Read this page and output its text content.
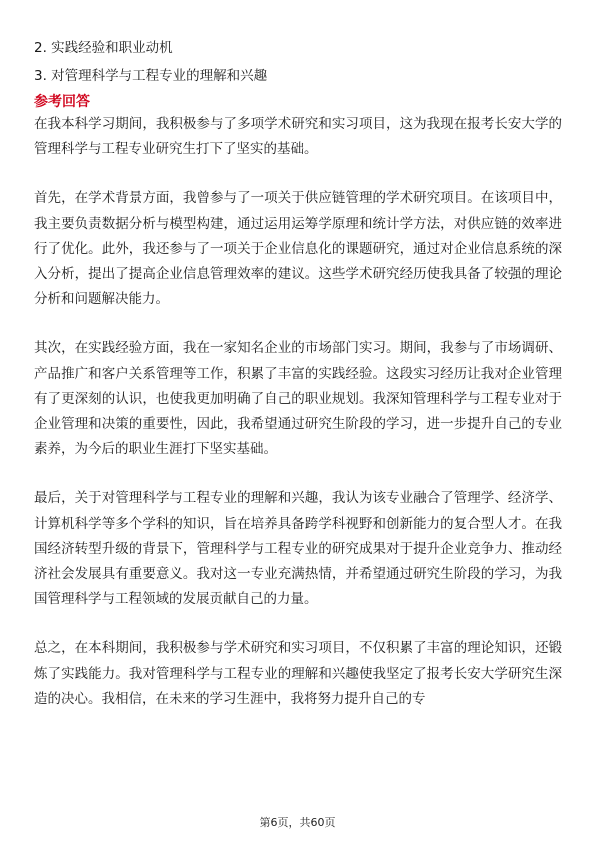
2. 实践经验和职业动机
3. 对管理科学与工程专业的理解和兴趣
参考回答

在我本科学习期间，我积极参与了多项学术研究和实习项目，这为我现在报考长安大学的管理科学与工程专业研究生打下了坚实的基础。

首先，在学术背景方面，我曾参与了一项关于供应链管理的学术研究项目。在该项目中，我主要负责数据分析与模型构建，通过运用运筹学原理和统计学方法，对供应链的效率进行了优化。此外，我还参与了一项关于企业信息化的课题研究，通过对企业信息系统的深入分析，提出了提高企业信息管理效率的建议。这些学术研究经历使我具备了较强的理论分析和问题解决能力。

其次，在实践经验方面，我在一家知名企业的市场部门实习。期间，我参与了市场调研、产品推广和客户关系管理等工作，积累了丰富的实践经验。这段实习经历让我对企业管理有了更深刻的认识，也使我更加明确了自己的职业规划。我深知管理科学与工程专业对于企业管理和决策的重要性，因此，我希望通过研究生阶段的学习，进一步提升自己的专业素养，为今后的职业生涯打下坚实基础。

最后，关于对管理科学与工程专业的理解和兴趣，我认为该专业融合了管理学、经济学、计算机科学等多个学科的知识，旨在培养具备跨学科视野和创新能力的复合型人才。在我国经济转型升级的背景下，管理科学与工程专业的研究成果对于提升企业竞争力、推动经济社会发展具有重要意义。我对这一专业充满热情，并希望通过研究生阶段的学习，为我国管理科学与工程领域的发展贡献自己的力量。

总之，在本科期间，我积极参与学术研究和实习项目，不仅积累了丰富的理论知识，还锻炼了实践能力。我对管理科学与工程专业的理解和兴趣使我坚定了报考长安大学研究生深造的决心。我相信，在未来的学习生涯中，我将努力提升自己的专

第6页，共60页
